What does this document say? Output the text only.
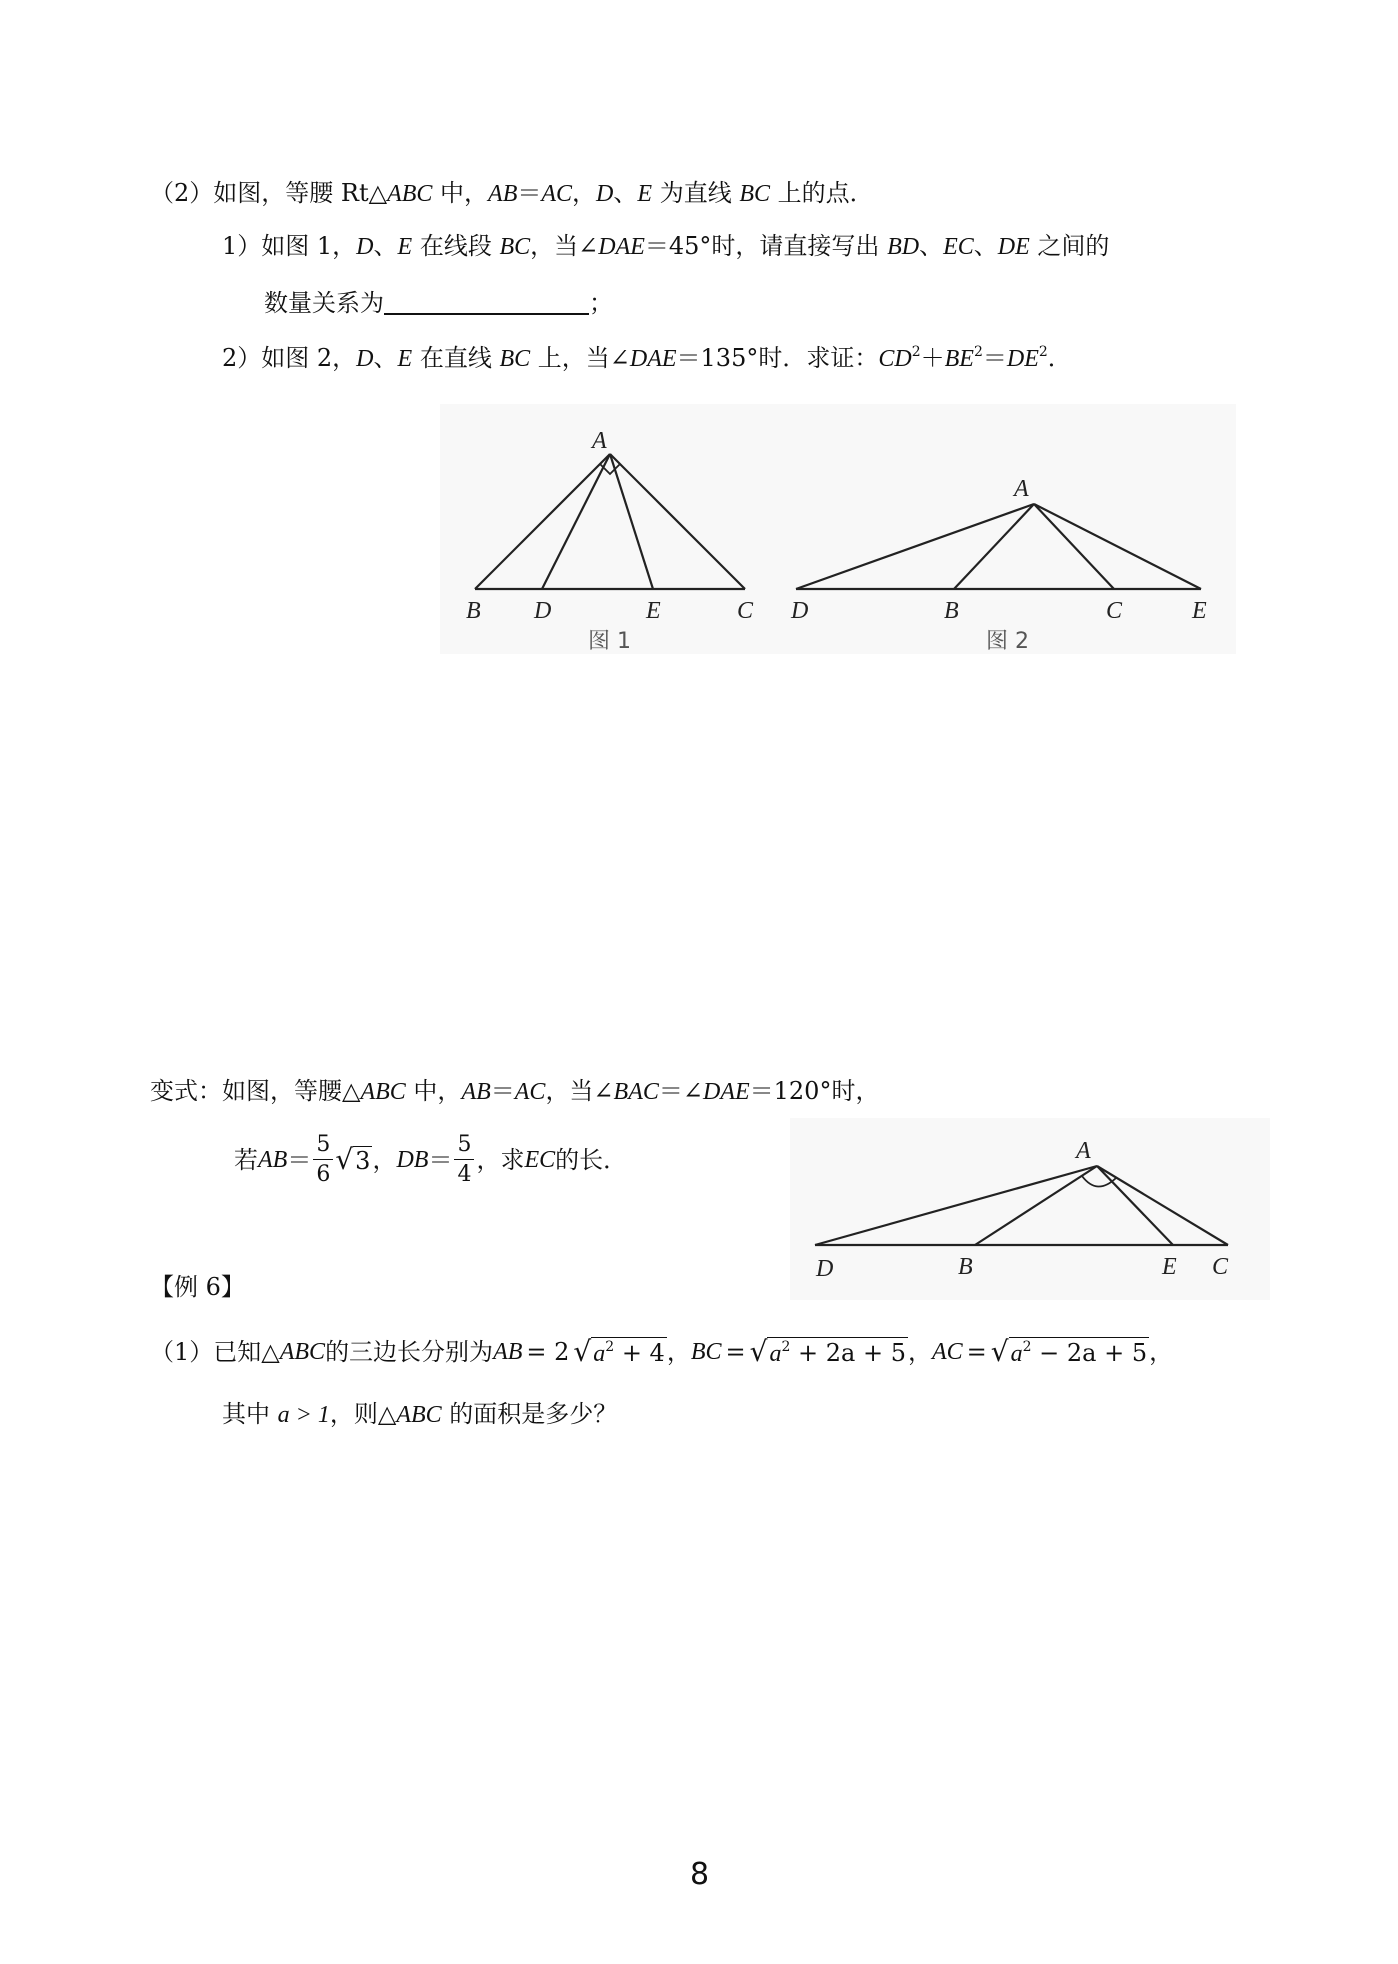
（2）如图，等腰 Rt△ABC 中，AB＝AC，D、E 为直线 BC 上的点．
1）如图 1，D、E 在线段 BC，当∠DAE＝45°时，请直接写出 BD、EC、DE 之间的
数量关系为	；
2）如图 2，D、E 在直线 BC 上，当∠DAE＝135°时．求证：$CD^2+BE^2=DE^2$．
A
B D	E	C
图 1
A
D	B	C	E
图 2
变式：如图，等腰△ABC 中，AB＝AC，当∠BAC＝∠DAE＝120°时，
若 AB ＝ $\frac{5}{6} √3$ ， DB ＝ $\frac{5}{4}$ ，求 EC 的长．	A
D	B	E C
【例 6】
（1）已知△ ABC 的三边长分别为 AB = 2 $√a^2 + 4$ ， BC = $√a^2 + 2a + 5$ ， AC = $√a^2 - 2a + 5$ ，
其中 a > 1，则△ABC 的面积是多少？
8
